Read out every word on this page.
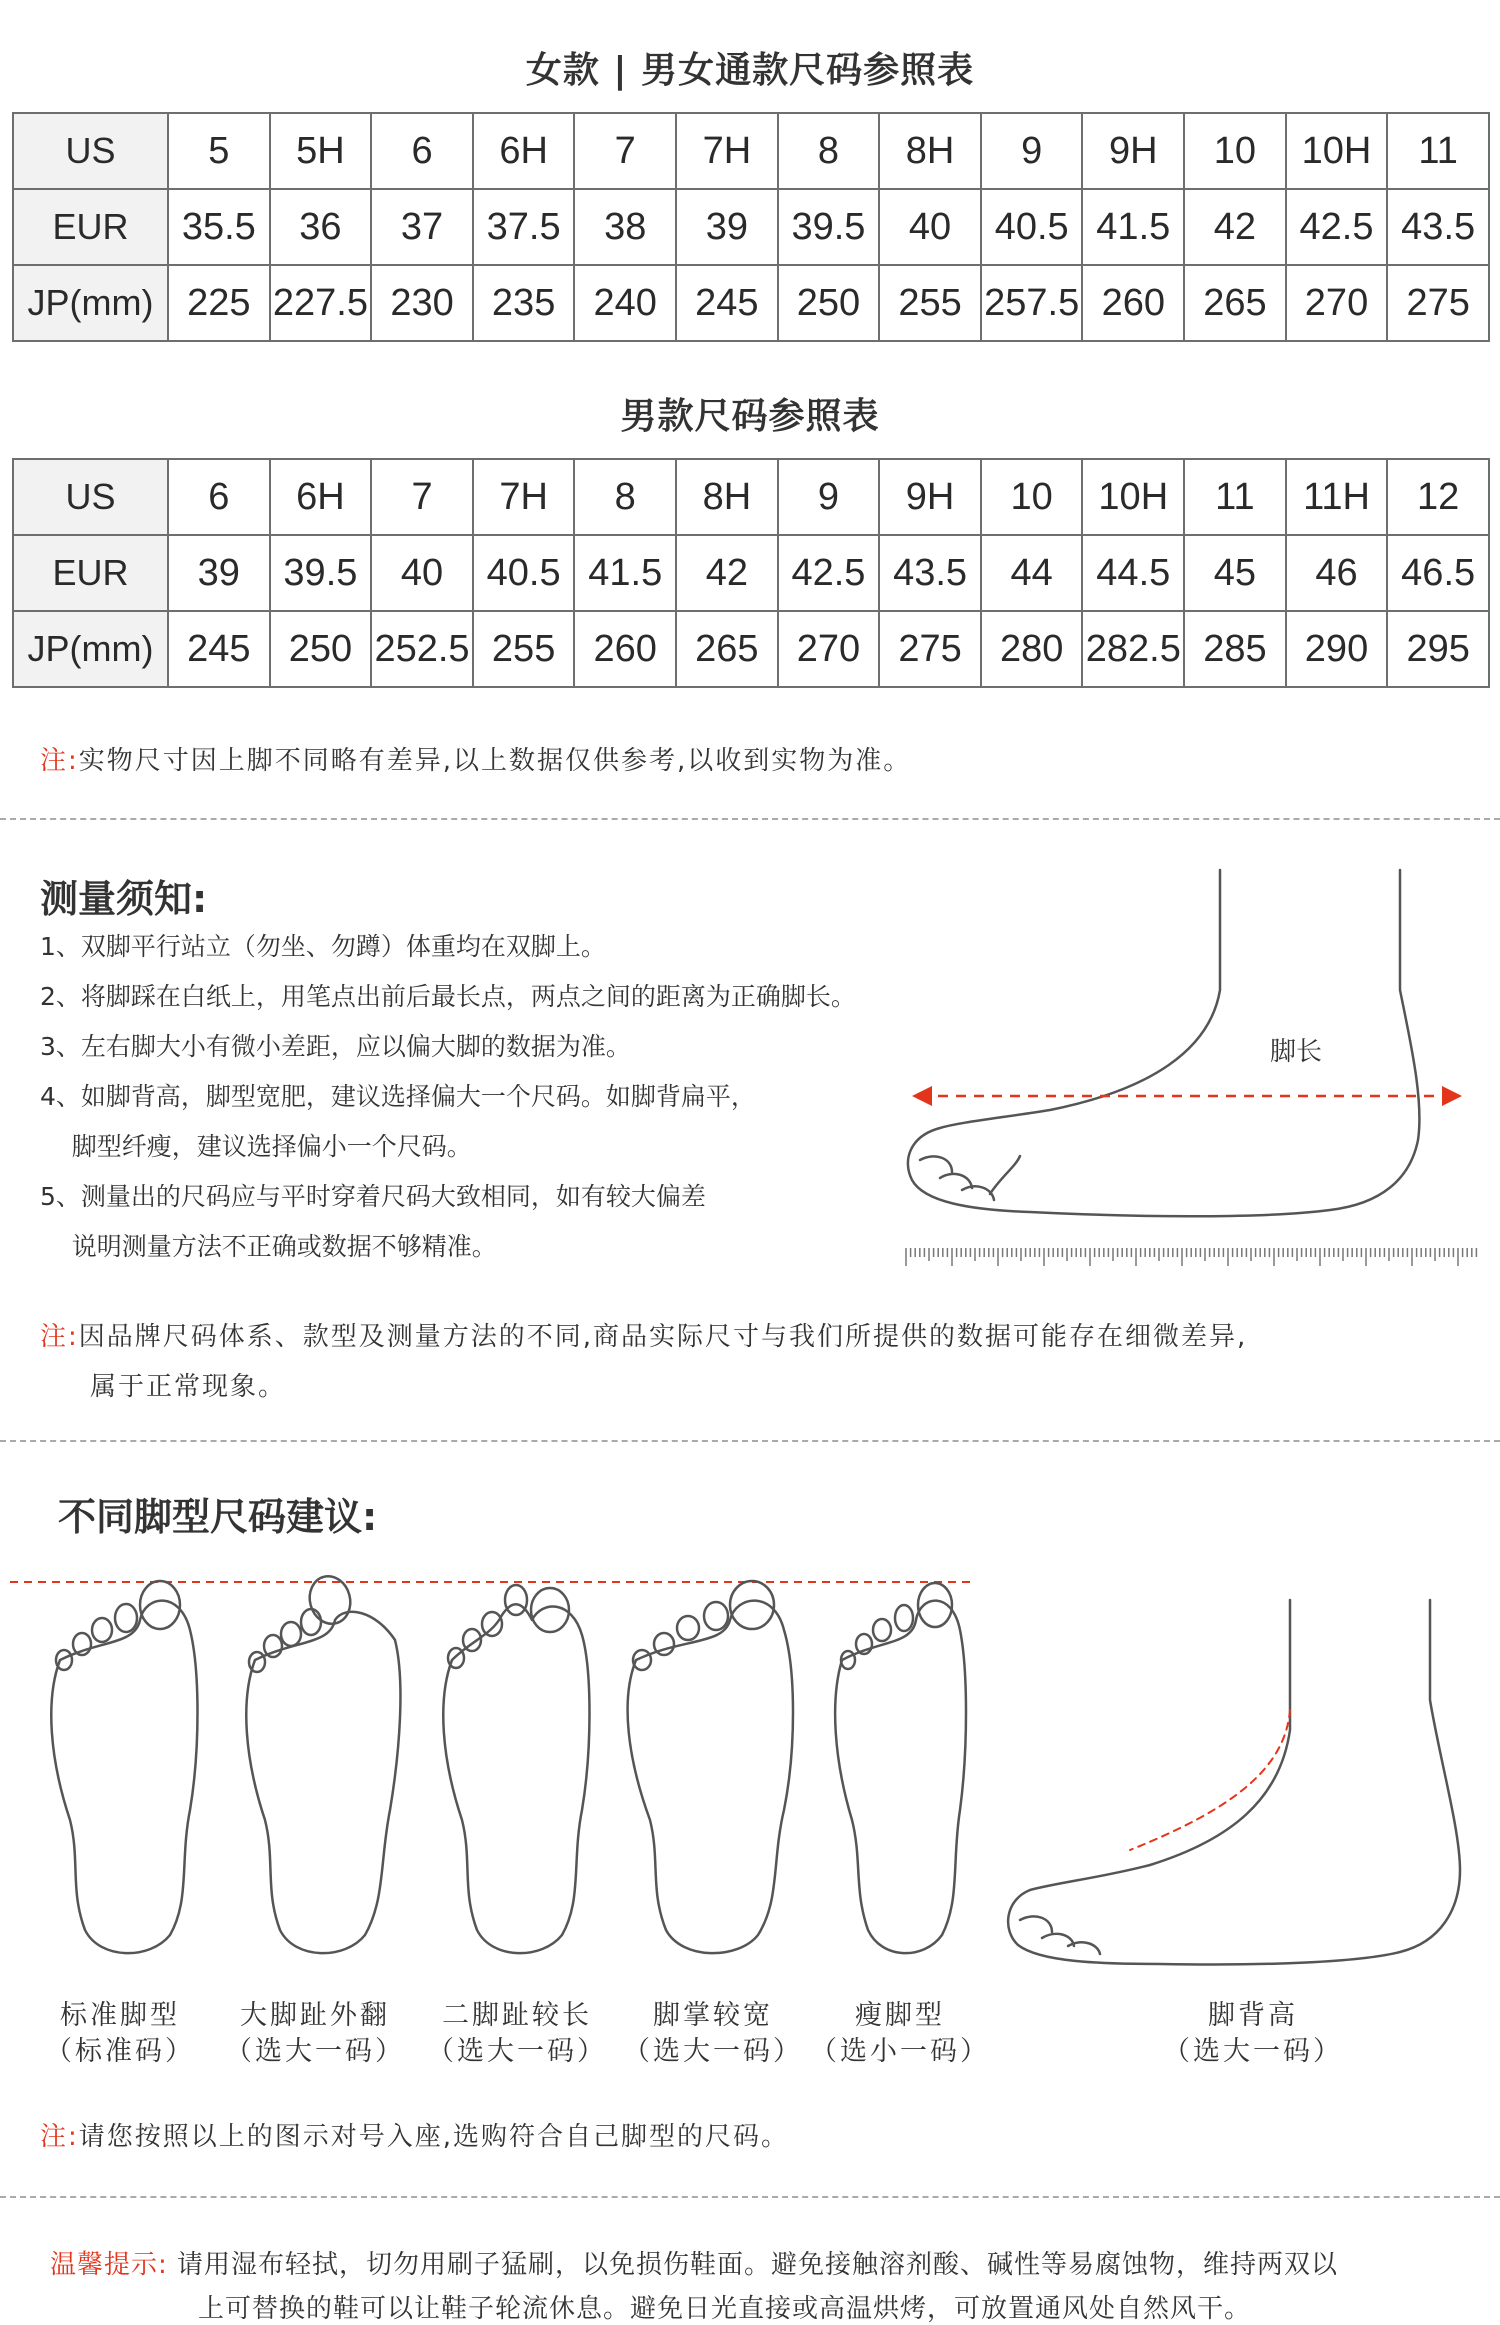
女款 | 男女通款尺码参照表
US	5	5H	6	6H	7	7H	8	8H	9	9H	10	10H	11
EUR	35.5	36	37	37.5	38	39	39.5	40	40.5	41.5	42	42.5	43.5
JP(mm)	225	227.5	230	235	240	245	250	255	257.5	260	265	270	275
男款尺码参照表
US	6	6H	7	7H	8	8H	9	9H	10	10H	11	11H	12
EUR	39	39.5	40	40.5	41.5	42	42.5	43.5	44	44.5	45	46	46.5
JP(mm)	245	250	252.5	255	260	265	270	275	280	282.5	285	290	295
注:实物尺寸因上脚不同略有差异,以上数据仅供参考,以收到实物为准。
测量须知:
1、双脚平行站立（勿坐、勿蹲）体重均在双脚上。
2、将脚踩在白纸上，用笔点出前后最长点，两点之间的距离为正确脚长。
3、左右脚大小有微小差距，应以偏大脚的数据为准。
4、如脚背高，脚型宽肥，建议选择偏大一个尺码。如脚背扁平，
脚型纤瘦，建议选择偏小一个尺码。
5、测量出的尺码应与平时穿着尺码大致相同，如有较大偏差
说明测量方法不正确或数据不够精准。
脚长
注:因品牌尺码体系、款型及测量方法的不同,商品实际尺寸与我们所提供的数据可能存在细微差异,
属于正常现象。
不同脚型尺码建议:
标准脚型
（标准码）
大脚趾外翻
（选大一码）
二脚趾较长
（选大一码）
脚掌较宽
（选大一码）
瘦脚型
（选小一码）
脚背高
（选大一码）
注:请您按照以上的图示对号入座,选购符合自己脚型的尺码。
温馨提示: 请用湿布轻拭，切勿用刷子猛刷，以免损伤鞋面。避免接触溶剂酸、碱性等易腐蚀物，维持两双以
上可替换的鞋可以让鞋子轮流休息。避免日光直接或高温烘烤，可放置通风处自然风干。
